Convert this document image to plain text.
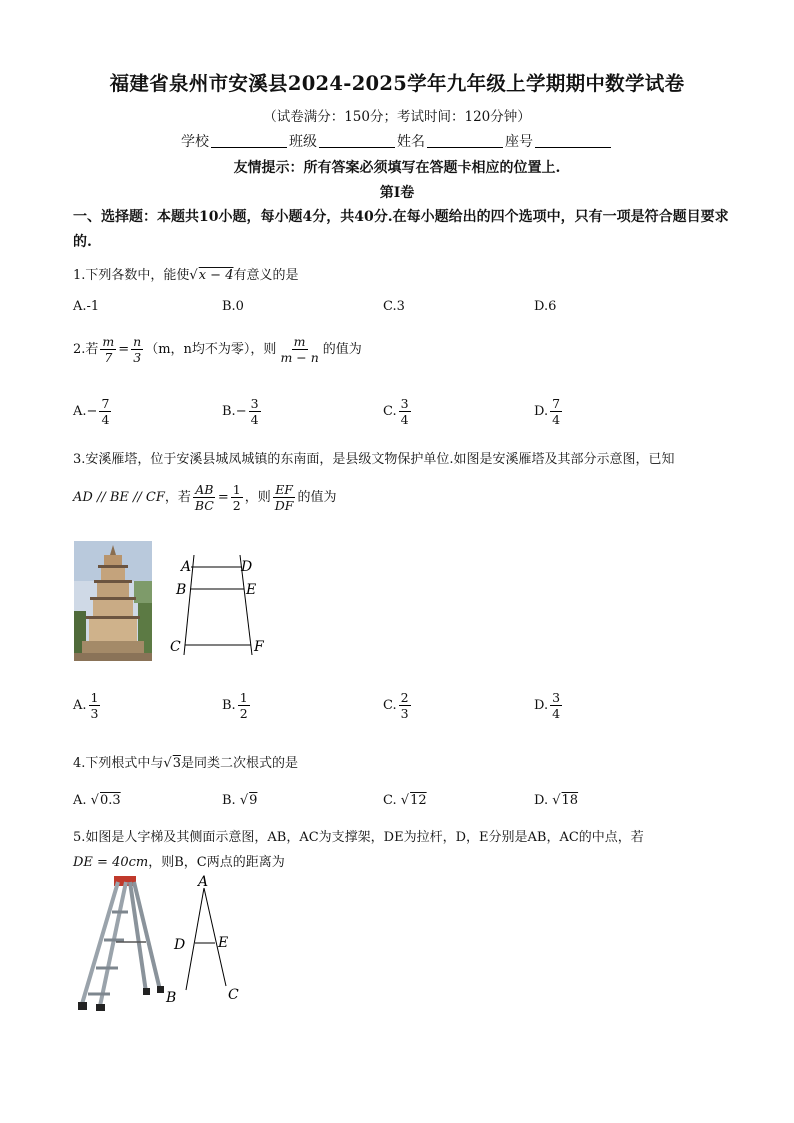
福建省泉州市安溪县2024-2025学年九年级上学期期中数学试卷
（试卷满分：150分；考试时间：120分钟）
学校	班级	姓名	座号
友情提示：所有答案必须填写在答题卡相应的位置上.
第Ⅰ卷
一、选择题：本题共10小题，每小题4分，共40分.在每小题给出的四个选项中，只有一项是符合题目要求的.
1.下列各数中，能使√x − 4有意义的是
A.-1	B.0	C.3	D.6
2.若 $\frac{m}{7} = \frac{n}{3} (m$，n均不为零），则 $\frac{m}{m - n}$ 的值为
$A.- \frac{7}{4}$	$B.- \frac{3}{4}$	C. $\frac{3}{4}$	D. $\frac{7}{4}$
3.安溪雁塔，位于安溪县城凤城镇的东南面，是县级文物保护单位.如图是安溪雁塔及其部分示意图，已知
AD // BE // CF，若 $\frac{AB}{BC} = \frac{1}{2}$ ，则 $\frac{EF}{DF}$ 的值为
A	D
B	E
C	F
A. $\frac{1}{3}$	B. $\frac{1}{2}$	C. $\frac{2}{3}$	D. $\frac{3}{4}$
4.下列根式中与√3是同类二次根式的是
A. √0.3	B. √9	C. √12	D. √18
5.如图是人字梯及其侧面示意图，AB，AC为支撑架，DE为拉杆，D，E分别是AB，AC的中点，若
DE = 40cm，则B，C两点的距离为
A
D E
B	C
